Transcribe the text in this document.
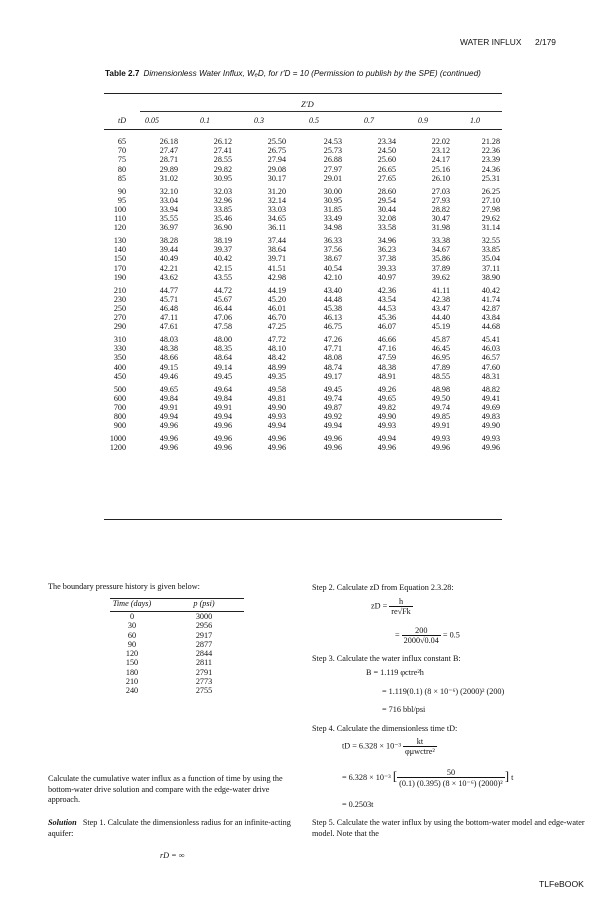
WATER INFLUX 2/179
Table 2.7 Dimensionless Water Influx, WₑD, for r′D = 10 (Permission to publish by the SPE) (continued)
Z′D
tD	0.05	0.1	0.3	0.5	0.7	0.9	1.0
65	26.18	26.12	25.50	24.53	23.34	22.02	21.28
70	27.47	27.41	26.75	25.73	24.50	23.12	22.36
75	28.71	28.55	27.94	26.88	25.60	24.17	23.39
80	29.89	29.82	29.08	27.97	26.65	25.16	24.36
85	31.02	30.95	30.17	29.01	27.65	26.10	25.31
90	32.10	32.03	31.20	30.00	28.60	27.03	26.25
95	33.04	32.96	32.14	30.95	29.54	27.93	27.10
100	33.94	33.85	33.03	31.85	30.44	28.82	27.98
110	35.55	35.46	34.65	33.49	32.08	30.47	29.62
120	36.97	36.90	36.11	34.98	33.58	31.98	31.14
130	38.28	38.19	37.44	36.33	34.96	33.38	32.55
140	39.44	39.37	38.64	37.56	36.23	34.67	33.85
150	40.49	40.42	39.71	38.67	37.38	35.86	35.04
170	42.21	42.15	41.51	40.54	39.33	37.89	37.11
190	43.62	43.55	42.98	42.10	40.97	39.62	38.90
210	44.77	44.72	44.19	43.40	42.36	41.11	40.42
230	45.71	45.67	45.20	44.48	43.54	42.38	41.74
250	46.48	46.44	46.01	45.38	44.53	43.47	42.87
270	47.11	47.06	46.70	46.13	45.36	44.40	43.84
290	47.61	47.58	47.25	46.75	46.07	45.19	44.68
310	48.03	48.00	47.72	47.26	46.66	45.87	45.41
330	48.38	48.35	48.10	47.71	47.16	46.45	46.03
350	48.66	48.64	48.42	48.08	47.59	46.95	46.57
400	49.15	49.14	48.99	48.74	48.38	47.89	47.60
450	49.46	49.45	49.35	49.17	48.91	48.55	48.31
500	49.65	49.64	49.58	49.45	49.26	48.98	48.82
600	49.84	49.84	49.81	49.74	49.65	49.50	49.41
700	49.91	49.91	49.90	49.87	49.82	49.74	49.69
800	49.94	49.94	49.93	49.92	49.90	49.85	49.83
900	49.96	49.96	49.94	49.94	49.93	49.91	49.90
1000	49.96	49.96	49.96	49.96	49.94	49.93	49.93
1200	49.96	49.96	49.96	49.96	49.96	49.96	49.96
The boundary pressure history is given below:
Time (days)	p (psi)
0	3000
30	2956
60	2917
90	2877
120	2844
150	2811
180	2791
210	2773
240	2755
Calculate the cumulative water influx as a function of time by using the bottom-water drive solution and compare with the edge-water drive approach.
Solution Step 1. Calculate the dimensionless radius for an infinite-acting aquifer:
rD = ∞
Step 2. Calculate zD from Equation 2.3.28:
zD = $\frac{h}{re√Fk}$
= $\frac{200}{2000√0.04} = 0.5$
Step 3. Calculate the water influx constant B:
B = 1.119 φctre²h
= 1.119(0.1) (8 × 10⁻⁶) (2000)² (200)
= 716 bbl/psi
Step 4. Calculate the dimensionless time tD:
tD = $6.328 \times 10^{-3} \frac{kt}{\text{φμwctre²}}$
= 6.328 × 10⁻³ [ $\frac{50}{\text{(0.1) (0.395) (8 × 10⁻⁶) (2000)²}}$ ] t
= 0.2503t
Step 5. Calculate the water influx by using the bottom-water model and edge-water model. Note that the
TLFeBOOK
